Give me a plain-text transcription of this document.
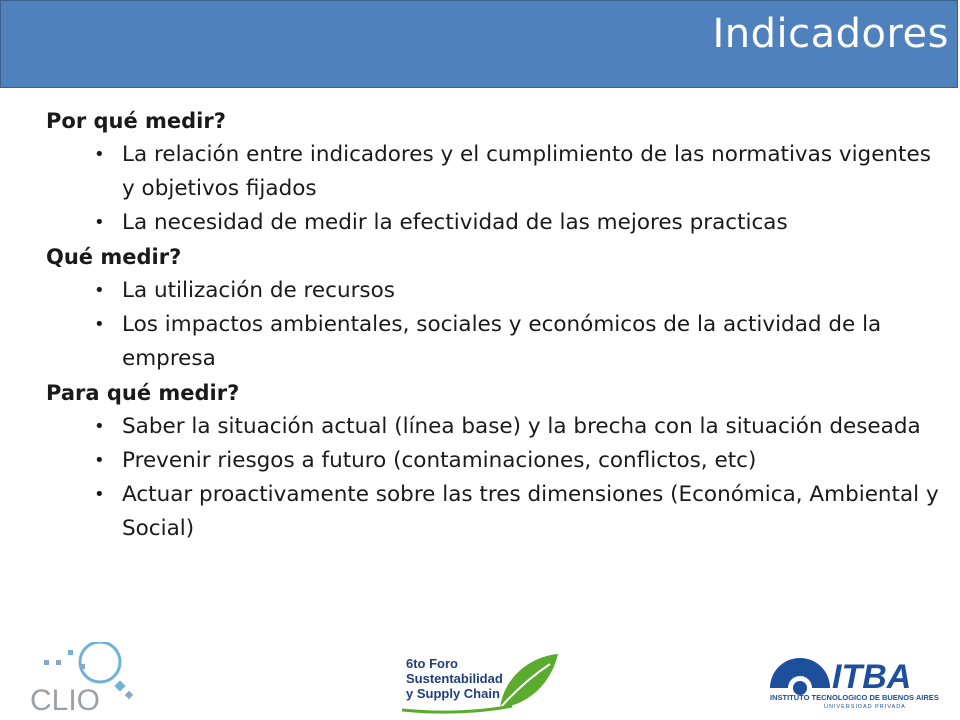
Indicadores

Por qué medir?

• La relación entre indicadores y el cumplimiento de las normativas vigentes y objetivos fijados
• La necesidad de medir la efectividad de las mejores practicas

Qué medir?

• La utilización de recursos
• Los impactos ambientales, sociales y económicos de la actividad de la empresa

Para qué medir?

• Saber la situación actual (línea base) y la brecha con la situación deseada
• Prevenir riesgos a futuro (contaminaciones, conflictos, etc)
• Actuar proactivamente sobre las tres dimensiones (Económica, Ambiental y Social)
CLIO
6to Foro
Sustentabilidad
y Supply Chain	ITBA
INSTITUTO TECNOLOGICO DE BUENOS AIRES
UNIVERSIDAD PRIVADA
